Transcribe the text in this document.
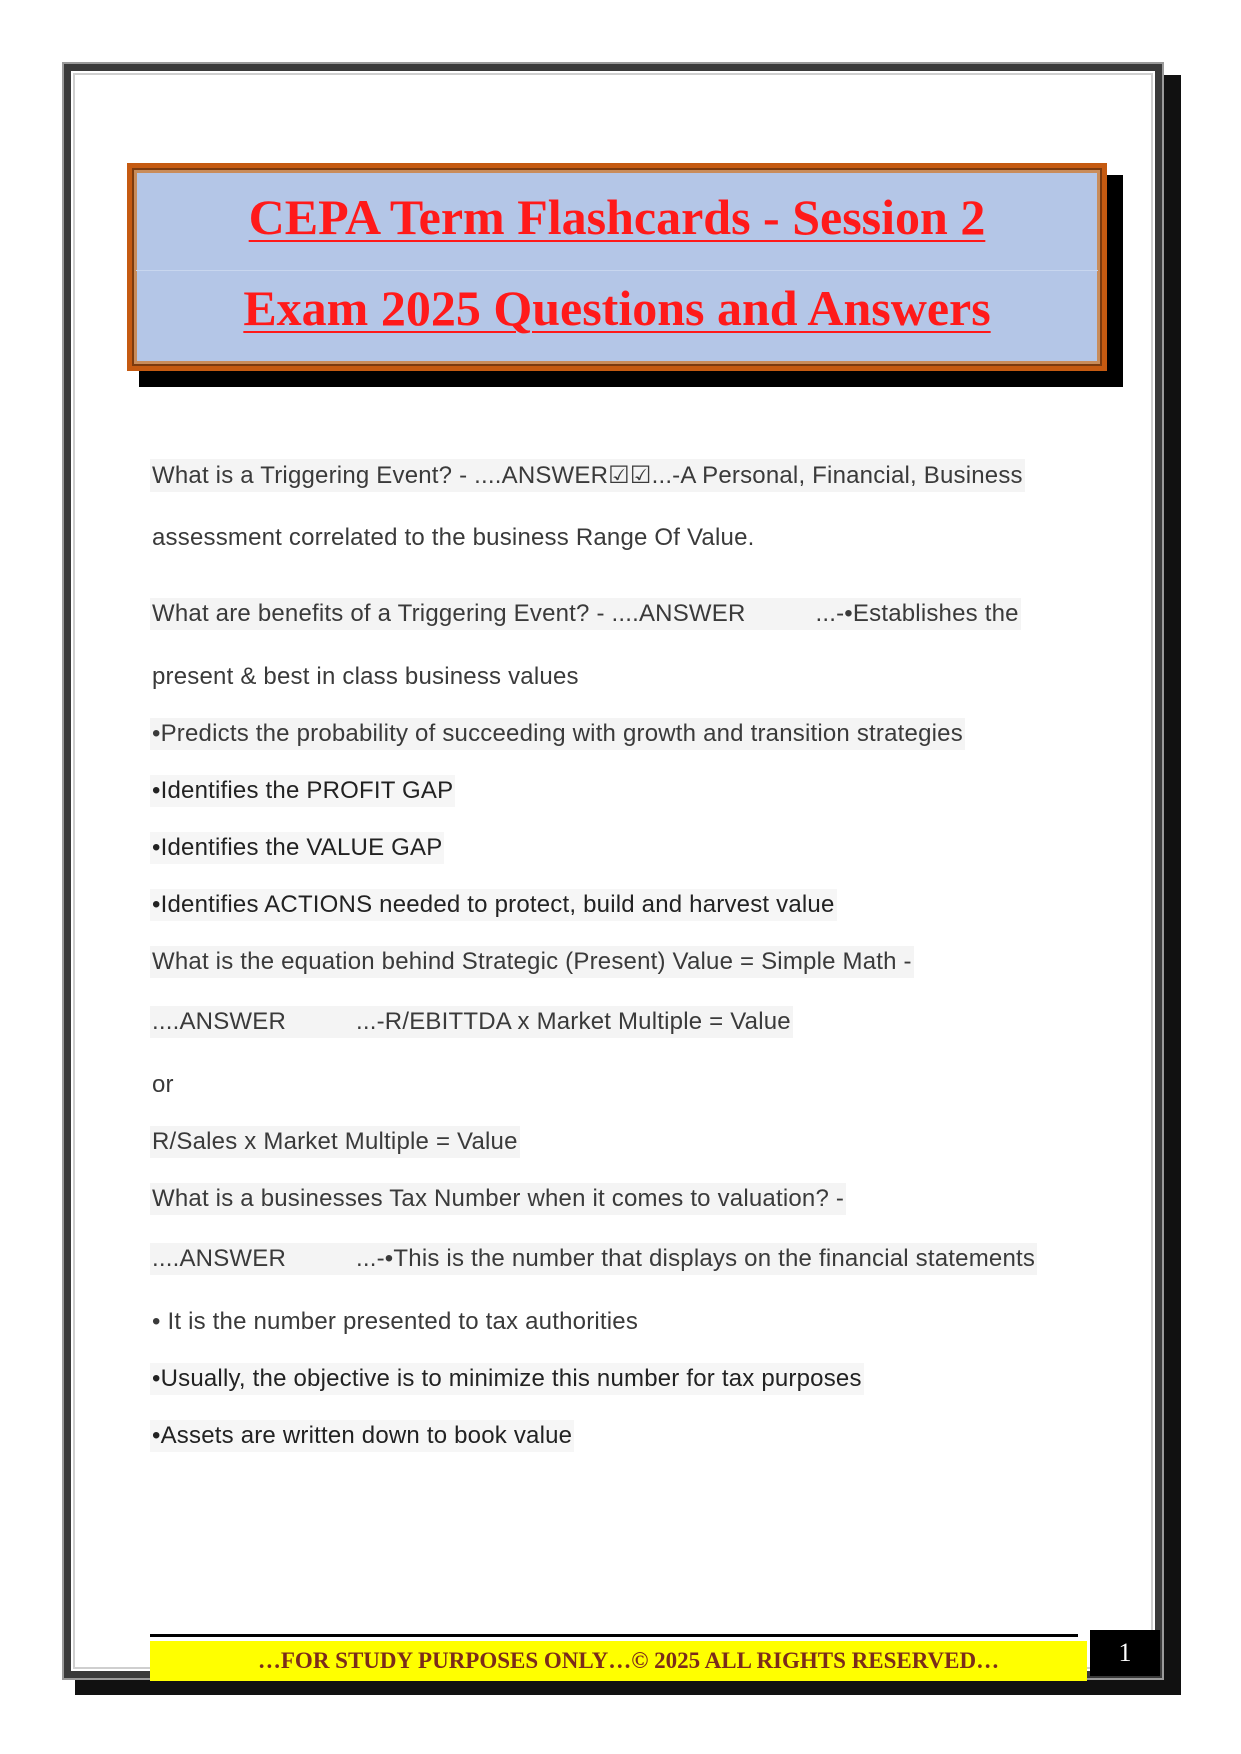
CEPA Term Flashcards - Session 2
Exam 2025 Questions and Answers
What is a Triggering Event? - ....ANSWER☑☑...-A Personal, Financial, Business
assessment correlated to the business Range Of Value.
What are benefits of a Triggering Event? - ....ANSWER	...-•Establishes the
present & best in class business values
•Predicts the probability of succeeding with growth and transition strategies
•Identifies the PROFIT GAP
•Identifies the VALUE GAP
•Identifies ACTIONS needed to protect, build and harvest value
What is the equation behind Strategic (Present) Value = Simple Math -
....ANSWER	...-R/EBITTDA x Market Multiple = Value
or
R/Sales x Market Multiple = Value
What is a businesses Tax Number when it comes to valuation? -
....ANSWER	...-•This is the number that displays on the financial statements
• It is the number presented to tax authorities
•Usually, the objective is to minimize this number for tax purposes
•Assets are written down to book value
…FOR STUDY PURPOSES ONLY…© 2025 ALL RIGHTS RESERVED…	1
